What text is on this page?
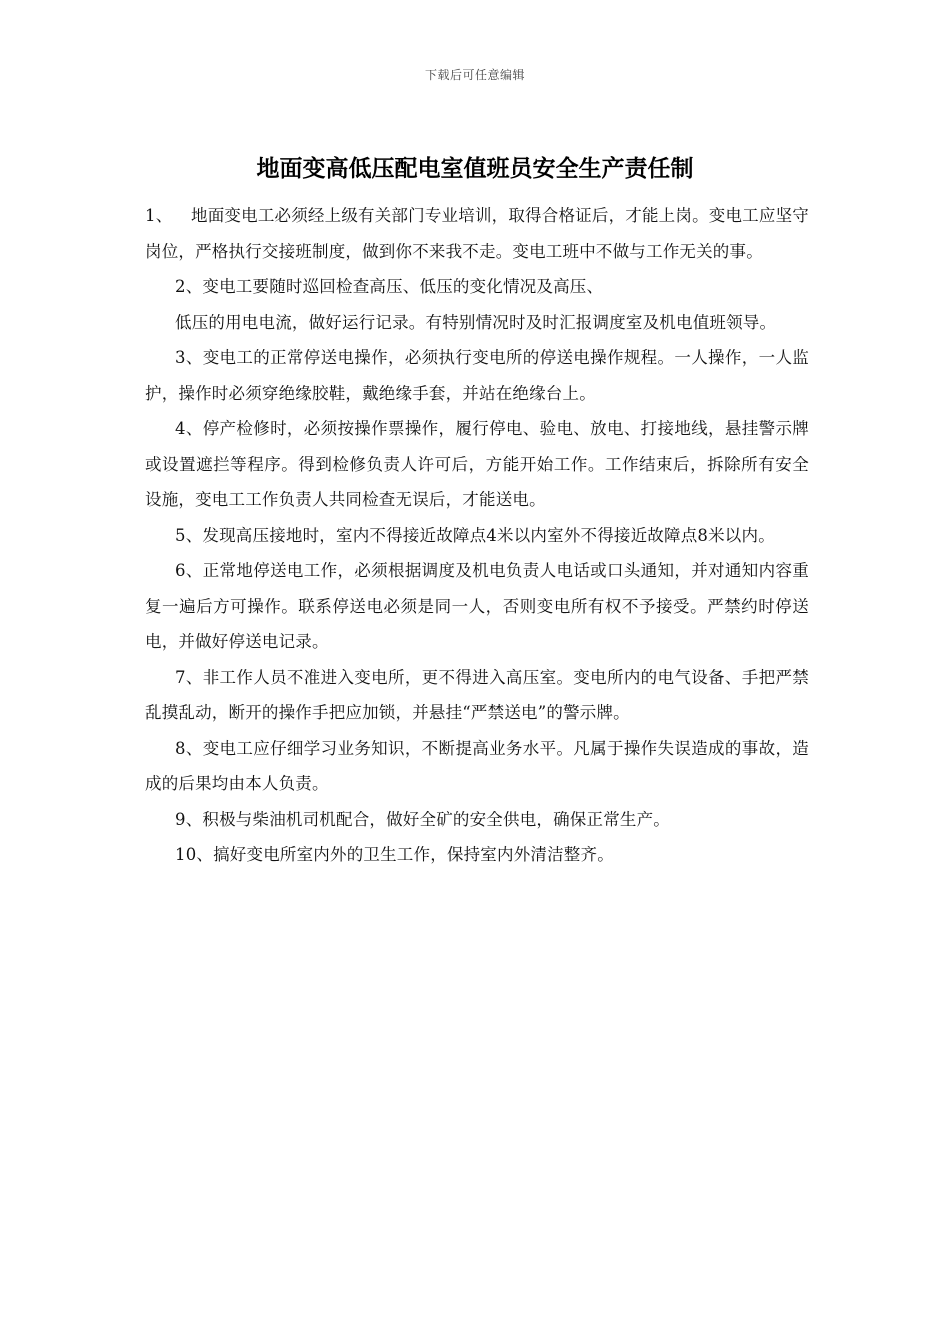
下载后可任意编辑
地面变高低压配电室值班员安全生产责任制

1、 地面变电工必须经上级有关部门专业培训，取得合格证后，才能上岗。变电工应坚守岗位，严格执行交接班制度，做到你不来我不走。变电工班中不做与工作无关的事。

2、变电工要随时巡回检查高压、低压的变化情况及高压、

低压的用电电流，做好运行记录。有特别情况时及时汇报调度室及机电值班领导。

3、变电工的正常停送电操作，必须执行变电所的停送电操作规程。一人操作，一人监护，操作时必须穿绝缘胶鞋，戴绝缘手套，并站在绝缘台上。

4、停产检修时，必须按操作票操作，履行停电、验电、放电、打接地线，悬挂警示牌或设置遮拦等程序。得到检修负责人许可后，方能开始工作。工作结束后，拆除所有安全设施，变电工工作负责人共同检查无误后，才能送电。

5、发现高压接地时，室内不得接近故障点4米以内室外不得接近故障点8米以内。

6、正常地停送电工作，必须根据调度及机电负责人电话或口头通知，并对通知内容重复一遍后方可操作。联系停送电必须是同一人，否则变电所有权不予接受。严禁约时停送电，并做好停送电记录。

7、非工作人员不准进入变电所，更不得进入高压室。变电所内的电气设备、手把严禁乱摸乱动，断开的操作手把应加锁，并悬挂“严禁送电”的警示牌。

8、变电工应仔细学习业务知识，不断提高业务水平。凡属于操作失误造成的事故，造成的后果均由本人负责。

9、积极与柴油机司机配合，做好全矿的安全供电，确保正常生产。

10、搞好变电所室内外的卫生工作，保持室内外清洁整齐。
